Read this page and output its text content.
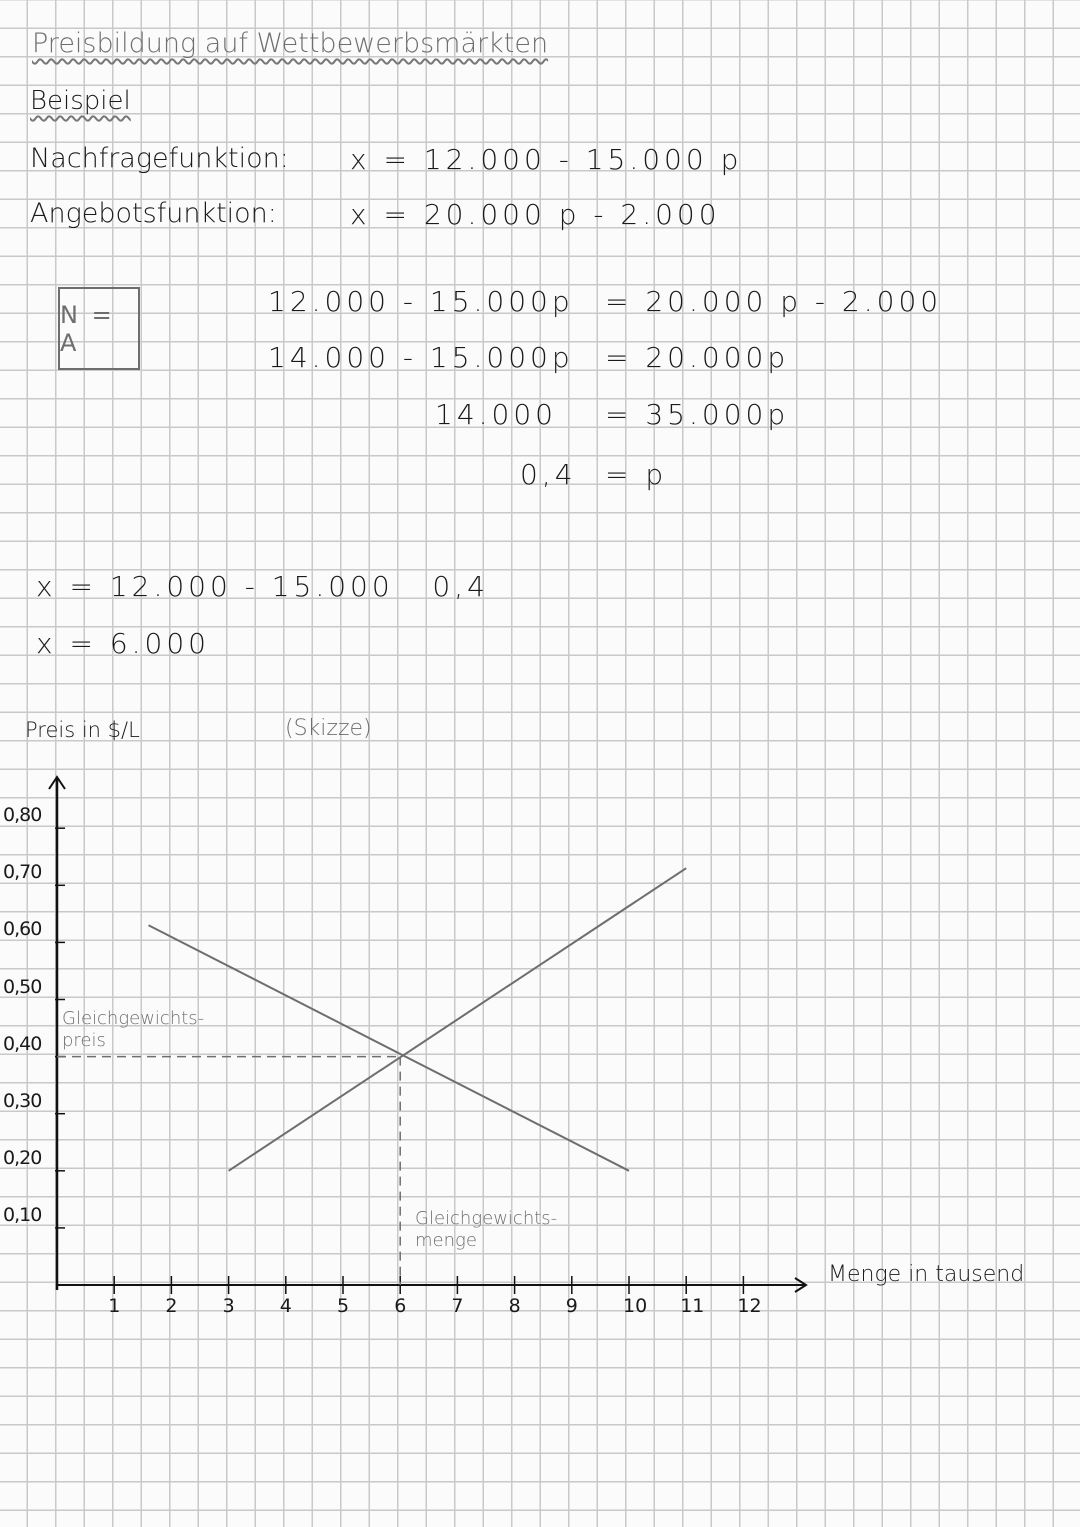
Preisbildung auf Wettbewerbsmärkten
Beispiel
Nachfragefunktion: x = 12.000 - 15.000 p
Angebotsfunktion:	x = 20.000 p - 2.000
N = A
12.000 - 15.000p = 20.000 p - 2.000
14.000 - 15.000p = 20.000p
14.000 = 35.000p
0,4 = p
x = 12.000 - 15.000   0,4
x = 6.000
Preis in $/L	(Skizze)
Menge in tausend
1 2 3 4 5 6 7 8 9 10 11 12
0,80
0,70
0,60
0,50
0,40
0,30
0,20
0,10
Gleichgewichts-
preis
Gleichgewichts-
menge
